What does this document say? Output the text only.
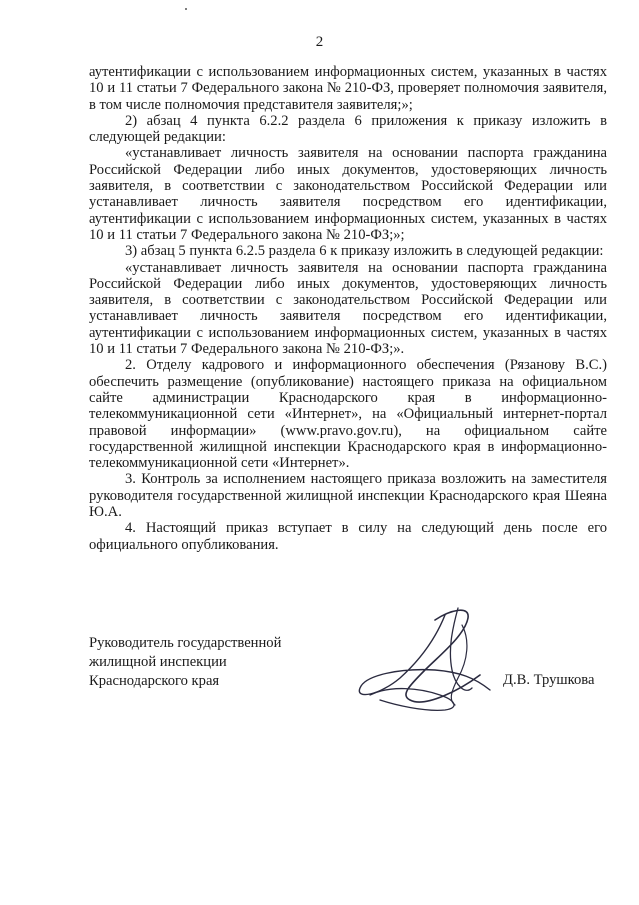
2

аутентификации с использованием информационных систем, указанных в частях 10 и 11 статьи 7 Федерального закона № 210-ФЗ, проверяет полномочия заявителя, в том числе полномочия представителя заявителя;»;

2) абзац 4 пункта 6.2.2 раздела 6 приложения к приказу изложить в следующей редакции:

«устанавливает личность заявителя на основании паспорта гражданина Российской Федерации либо иных документов, удостоверяющих личность заявителя, в соответствии с законодательством Российской Федерации или устанавливает личность заявителя посредством его идентификации, аутентификации с использованием информационных систем, указанных в частях 10 и 11 статьи 7 Федерального закона № 210-ФЗ;»;

3) абзац 5 пункта 6.2.5 раздела 6 к приказу изложить в следующей редакции:

«устанавливает личность заявителя на основании паспорта гражданина Российской Федерации либо иных документов, удостоверяющих личность заявителя, в соответствии с законодательством Российской Федерации или устанавливает личность заявителя посредством его идентификации, аутентификации с использованием информационных систем, указанных в частях 10 и 11 статьи 7 Федерального закона № 210-ФЗ;».

2. Отделу кадрового и информационного обеспечения (Рязанову В.С.) обеспечить размещение (опубликование) настоящего приказа на официальном сайте администрации Краснодарского края в информационно-телекоммуникационной сети «Интернет», на «Официальный интернет-портал правовой информации» (www.pravo.gov.ru), на официальном сайте государственной жилищной инспекции Краснодарского края в информационно-телекоммуникационной сети «Интернет».

3. Контроль за исполнением настоящего приказа возложить на заместителя руководителя государственной жилищной инспекции Краснодарского края Шеяна Ю.А.

4. Настоящий приказ вступает в силу на следующий день после его официального опубликования.

Руководитель государственной
жилищной инспекции
Краснодарского края	Д.В. Трушкова
